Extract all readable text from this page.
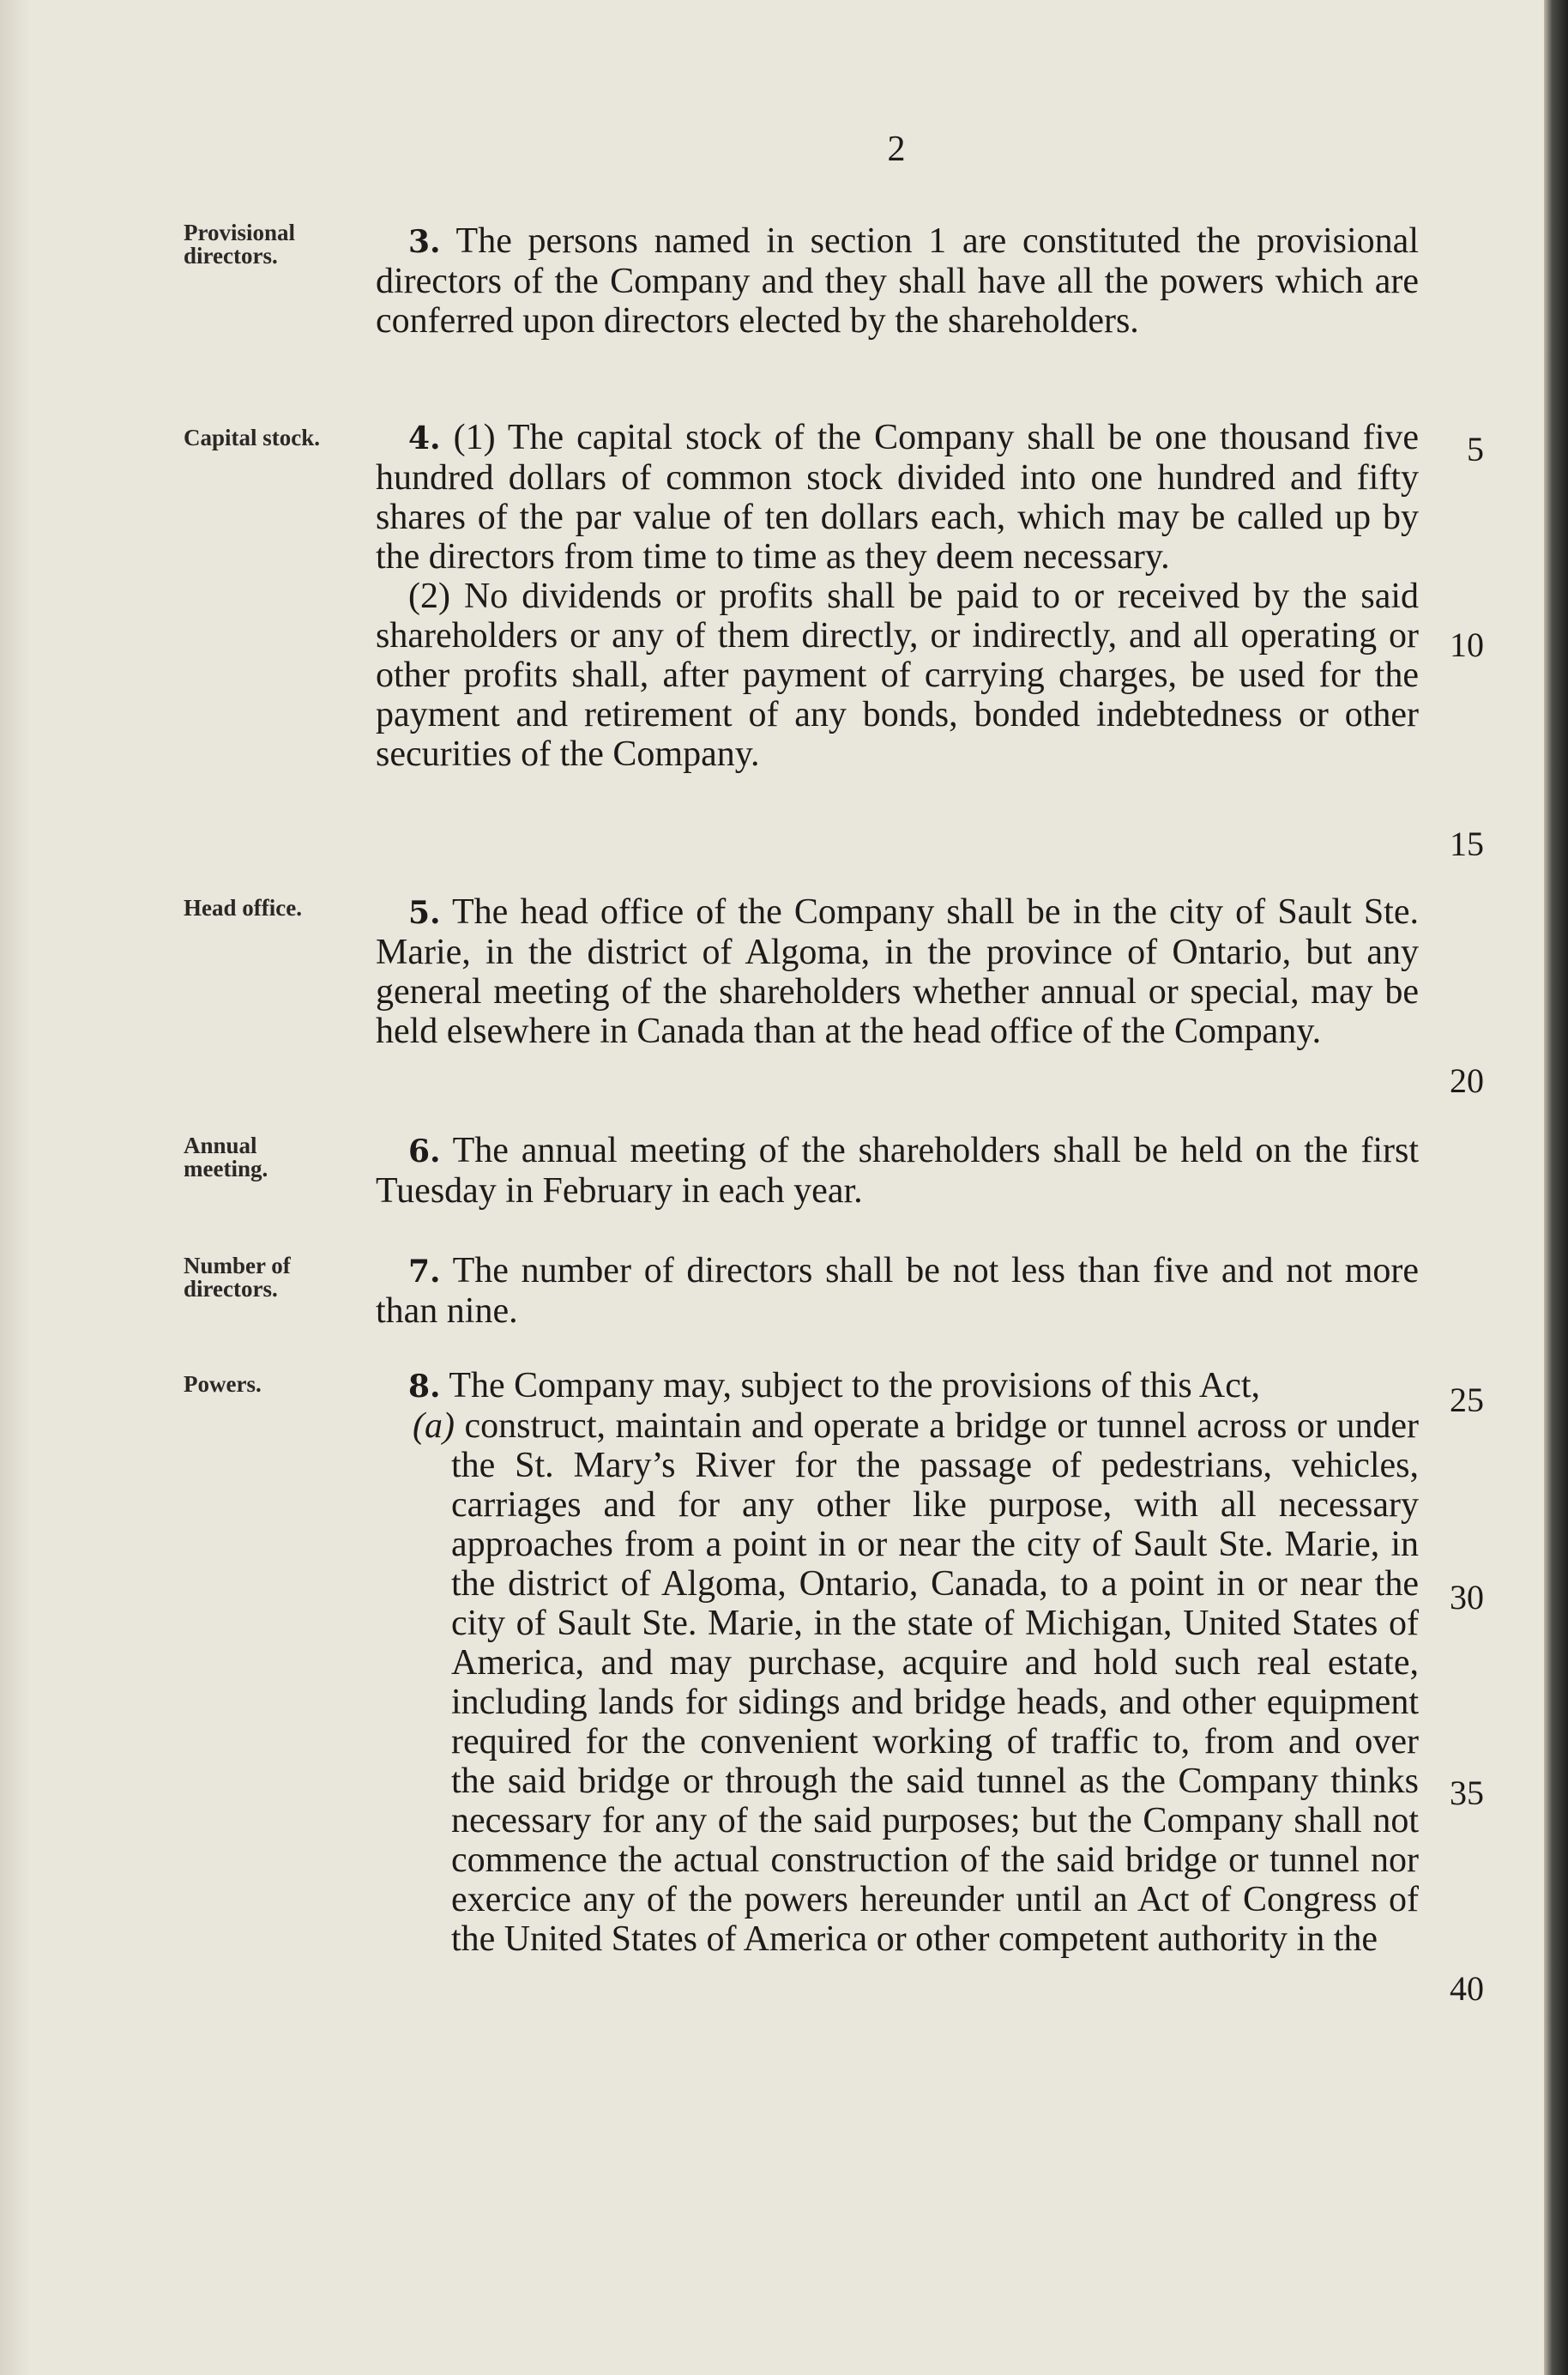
2
Provisional
directors.	3. The persons named in section 1 are constituted the provisional directors of the Company and they shall have all the powers which are conferred upon directors elected by the shareholders.

Capital stock.	4. (1) The capital stock of the Company shall be one thousand five hundred dollars of common stock divided into one hundred and fifty shares of the par value of ten dollars each, which may be called up by the directors from time to time as they deem necessary.

(2) No dividends or profits shall be paid to or received by the said shareholders or any of them directly, or indirectly, and all operating or other profits shall, after payment of carrying charges, be used for the payment and retirement of any bonds, bonded indebtedness or other securities of the Company.

Head office.	5. The head office of the Company shall be in the city of Sault Ste. Marie, in the district of Algoma, in the province of Ontario, but any general meeting of the shareholders whether annual or special, may be held elsewhere in Canada than at the head office of the Company.

Annual
meeting.	6. The annual meeting of the shareholders shall be held on the first Tuesday in February in each year.

Number of
directors.	7. The number of directors shall be not less than five and not more than nine.

Powers.	8. The Company may, subject to the provisions of this Act,

(a) construct, maintain and operate a bridge or tunnel across or under the St. Mary’s River for the passage of pedestrians, vehicles, carriages and for any other like purpose, with all necessary approaches from a point in or near the city of Sault Ste. Marie, in the district of Algoma, Ontario, Canada, to a point in or near the city of Sault Ste. Marie, in the state of Michigan, United States of America, and may purchase, acquire and hold such real estate, including lands for sidings and bridge heads, and other equipment required for the convenient working of traffic to, from and over the said bridge or through the said tunnel as the Company thinks necessary for any of the said purposes; but the Company shall not commence the actual construction of the said bridge or tunnel nor exercice any of the powers hereunder until an Act of Congress of the United States of America or other competent authority in the

5
10
15
20
25
30
35
40
